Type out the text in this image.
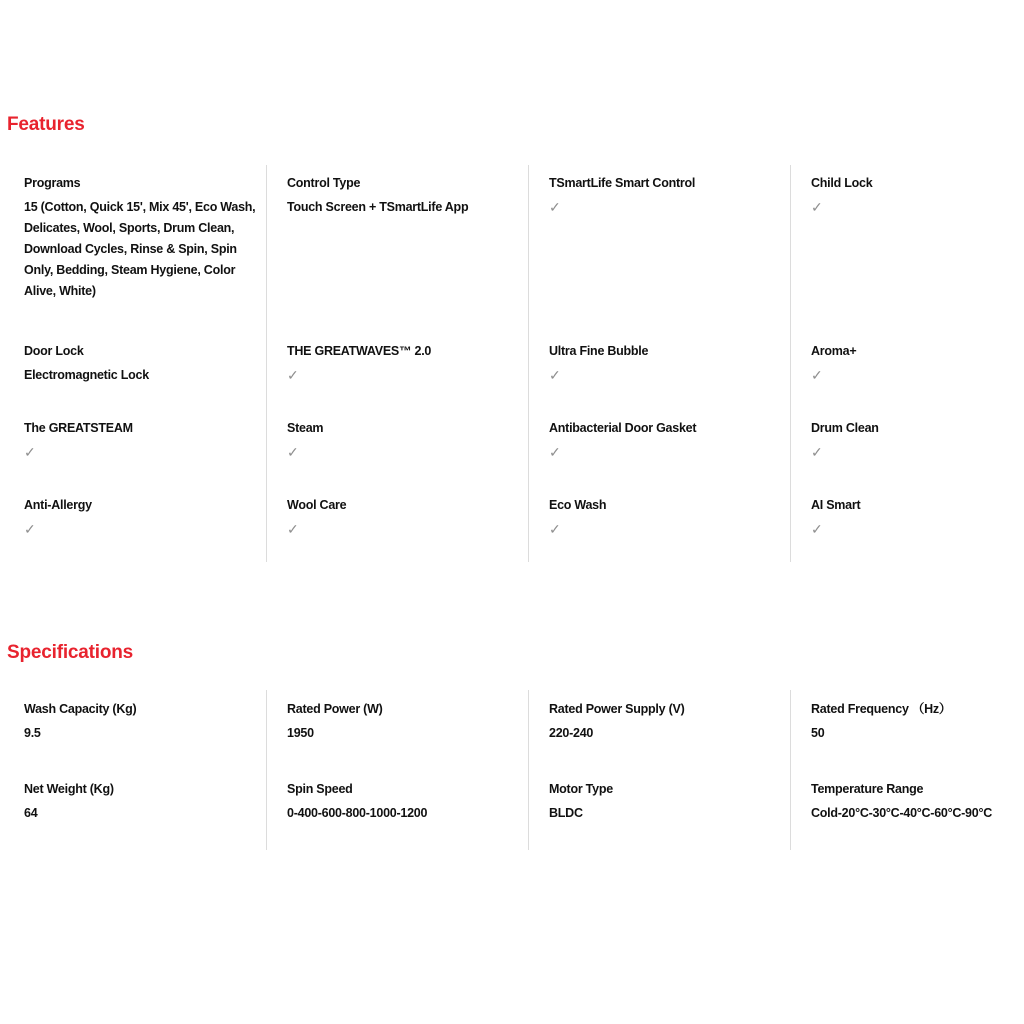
Features
Programs
15 (Cotton, Quick 15', Mix 45', Eco Wash, Delicates, Wool, Sports, Drum Clean, Download Cycles, Rinse & Spin, Spin Only, Bedding, Steam Hygiene, Color Alive, White)
Control Type
Touch Screen + TSmartLife App
TSmartLife Smart Control
✓
Child Lock
✓
Door Lock
Electromagnetic Lock
THE GREATWAVES™ 2.0
✓
Ultra Fine Bubble
✓
Aroma+
✓
The GREATSTEAM
✓
Steam
✓
Antibacterial Door Gasket
✓
Drum Clean
✓
Anti-Allergy
✓
Wool Care
✓
Eco Wash
✓
AI Smart
✓
Specifications
Wash Capacity (Kg)
9.5
Rated Power (W)
1950
Rated Power Supply (V)
220-240
Rated Frequency （Hz）
50
Net Weight (Kg)
64
Spin Speed
0-400-600-800-1000-1200
Motor Type
BLDC
Temperature Range
Cold-20°C-30°C-40°C-60°C-90°C
